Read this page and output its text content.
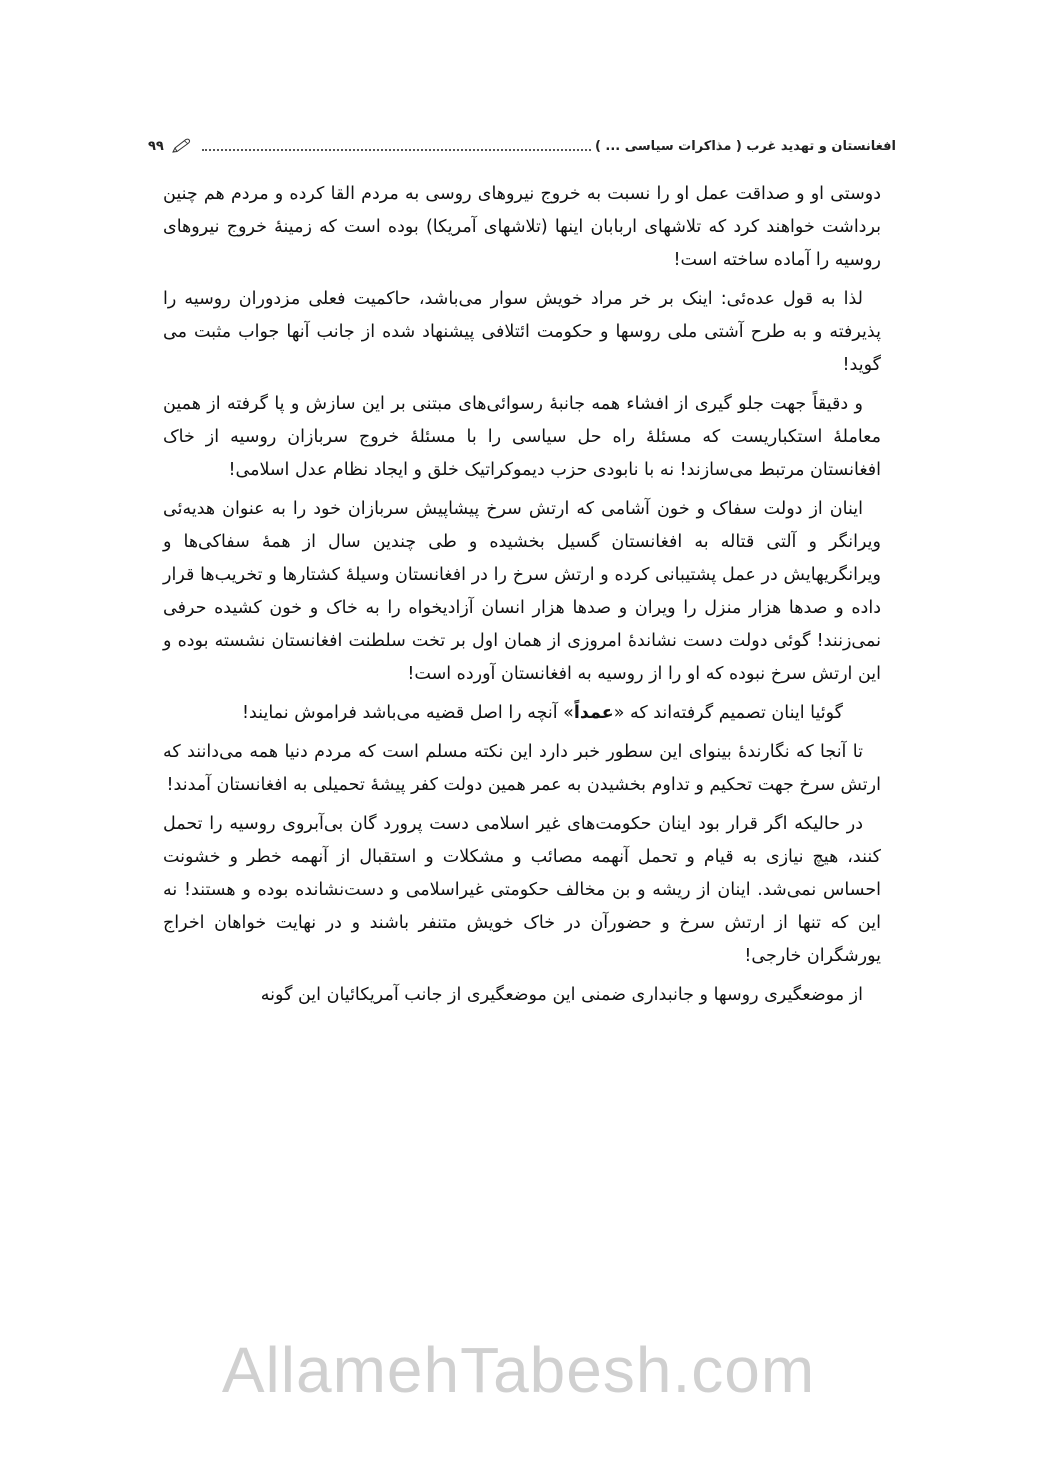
افغانستان و تهدید غرب ( مذاکرات سیاسی ... )
۹۹

دوستی او و صداقت عمل او را نسبت به خروج نیروهای روسی به مردم القا کرده و مردم هم چنین برداشت خواهند کرد که تلاشهای اربابان اینها (تلاشهای آمریکا) بوده است که زمینهٔ خروج نیروهای روسیه را آماده ساخته است!

لذا به قول عده‌ئی: اینک بر خر مراد خویش سوار می‌باشد، حاکمیت فعلی مزدوران روسیه را پذیرفته و به طرح آشتی ملی روسها و حکومت ائتلافی پیشنهاد شده از جانب آنها جواب مثبت می گوید!

و دقیقاً جهت جلو گیری از افشاء همه جانبهٔ رسوائی‌های مبتنی بر این سازش و پا گرفته از همین معاملهٔ استکباریست که مسئلهٔ راه حل سیاسی را با مسئلهٔ خروج سربازان روسیه از خاک افغانستان مرتبط می‌سازند! نه با نابودی حزب دیموکراتیک خلق و ایجاد نظام عدل اسلامی!

اینان از دولت سفاک و خون آشامی که ارتش سرخ پیشاپیش سربازان خود را به عنوان هدیه‌ئی ویرانگر و آلتی قتاله به افغانستان گسیل بخشیده و طی چندین سال از همهٔ سفاکی‌ها و ویرانگریهایش در عمل پشتیبانی کرده و ارتش سرخ را در افغانستان وسیلهٔ کشتارها و تخریب‌ها قرار داده و صدها هزار منزل را ویران و صدها هزار انسان آزادیخواه را به خاک و خون کشیده حرفی نمی‌زنند! گوئی دولت دست نشاندهٔ امروزی از همان اول بر تخت سلطنت افغانستان نشسته بوده و این ارتش سرخ نبوده که او را از روسیه به افغانستان آورده است!

گوئیا اینان تصمیم گرفته‌اند که «عمداً» آنچه را اصل قضیه می‌باشد فراموش نمایند!

تا آنجا که نگارندهٔ بینوای این سطور خبر دارد این نکته مسلم است که مردم دنیا همه می‌دانند که ارتش سرخ جهت تحکیم و تداوم بخشیدن به عمر همین دولت کفر پیشهٔ تحمیلی به افغانستان آمدند!

در حالیکه اگر قرار بود اینان حکومت‌های غیر اسلامی دست پرورد گان بی‌آبروی روسیه را تحمل کنند، هیچ نیازی به قیام و تحمل آنهمه مصائب و مشکلات و استقبال از آنهمه خطر و خشونت احساس نمی‌شد. اینان از ریشه و بن مخالف حکومتی غیراسلامی و دست‌نشانده بوده و هستند! نه این که تنها از ارتش سرخ و حضورآن در خاک خویش متنفر باشند و در نهایت خواهان اخراج یورشگران خارجی!

از موضعگیری روسها و جانبداری ضمنی این موضعگیری از جانب آمریکائیان این گونه

AllamehTabesh.com
